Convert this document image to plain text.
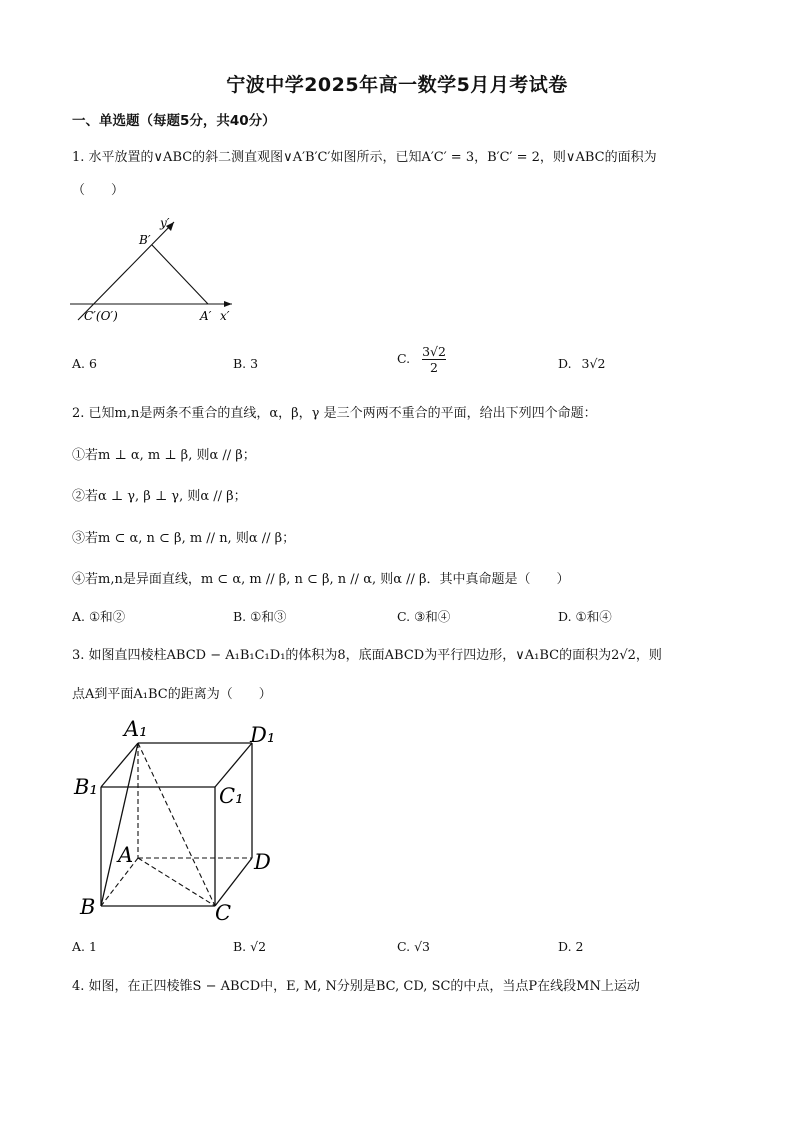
宁波中学2025年高一数学5月月考试卷
一、单选题（每题5分，共40分）
1. 水平放置的∨ABC的斜二测直观图∨A′B′C′如图所示，已知A′C′ = 3，B′C′ = 2，则∨ABC的面积为
（　　）
y′
B′
C′(O′)	A′ x′
A. 6	B. 3	C. $\frac{3√2}{2}$	D. 3√2
2. 已知m,n是两条不重合的直线，α，β，γ 是三个两两不重合的平面，给出下列四个命题：
①若m ⊥ α, m ⊥ β, 则α // β；
②若α ⊥ γ, β ⊥ γ, 则α // β；
③若m ⊂ α, n ⊂ β, m // n, 则α // β；
④若m,n是异面直线，m ⊂ α, m // β, n ⊂ β, n // α, 则α // β．其中真命题是（　　）
A. ①和②	B. ①和③	C. ③和④	D. ①和④
3. 如图直四棱柱ABCD − A₁B₁C₁D₁的体积为8，底面ABCD为平行四边形，∨A₁BC的面积为2√2，则
点A到平面A₁BC的距离为（　　）
A₁	D₁
B₁	C₁
A	D
B	C
A. 1	B. √2	C. √3	D. 2
4. 如图，在正四棱锥S − ABCD中，E, M, N分别是BC, CD, SC的中点，当点P在线段MN上运动
